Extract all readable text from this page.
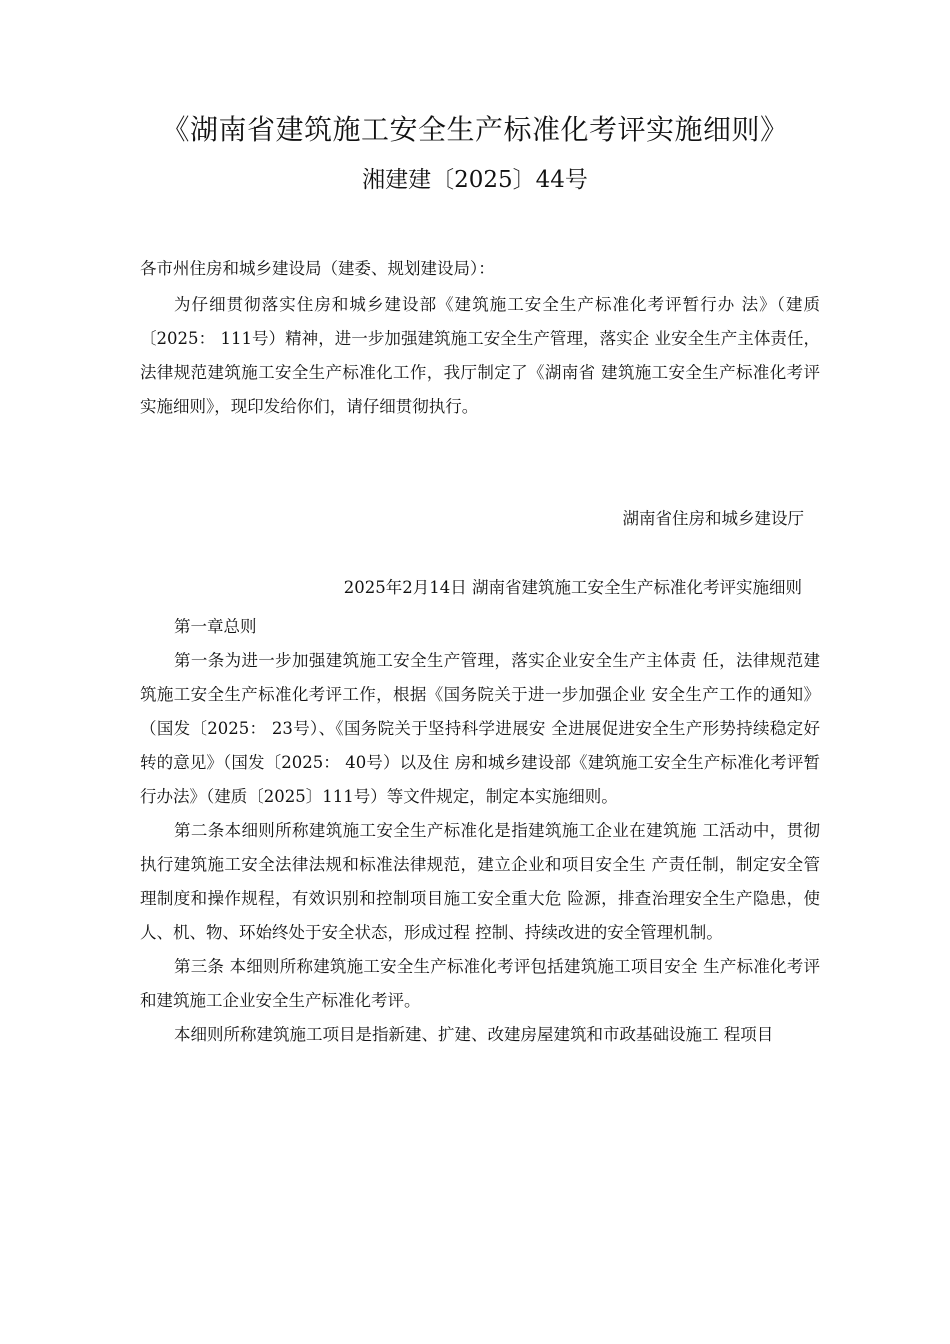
《湖南省建筑施工安全生产标准化考评实施细则》

湘建建〔2025〕44号

各市州住房和城乡建设局（建委、规划建设局）：

为仔细贯彻落实住房和城乡建设部《建筑施工安全生产标准化考评暂行办 法》（建质〔2025： 111号）精神，进一步加强建筑施工安全生产管理，落实企 业安全生产主体责任，法律规范建筑施工安全生产标准化工作，我厅制定了《湖南省 建筑施工安全生产标准化考评实施细则》，现印发给你们，请仔细贯彻执行。

湖南省住房和城乡建设厅

2025年2月14日 湖南省建筑施工安全生产标准化考评实施细则

第一章总则

第一条为进一步加强建筑施工安全生产管理，落实企业安全生产主体责 任，法律规范建筑施工安全生产标准化考评工作，根据《国务院关于进一步加强企业 安全生产工作的通知》（国发〔2025： 23号）、《国务院关于坚持科学进展安 全进展促进安全生产形势持续稳定好转的意见》（国发〔2025： 40号）以及住 房和城乡建设部《建筑施工安全生产标准化考评暂行办法》（建质〔2025〕111号）等文件规定，制定本实施细则。

第二条本细则所称建筑施工安全生产标准化是指建筑施工企业在建筑施 工活动中，贯彻执行建筑施工安全法律法规和标准法律规范，建立企业和项目安全生 产责任制，制定安全管理制度和操作规程，有效识别和控制项目施工安全重大危 险源，排查治理安全生产隐患，使人、机、物、环始终处于安全状态，形成过程 控制、持续改进的安全管理机制。

第三条 本细则所称建筑施工安全生产标准化考评包括建筑施工项目安全 生产标准化考评和建筑施工企业安全生产标准化考评。

本细则所称建筑施工项目是指新建、扩建、改建房屋建筑和市政基础设施工 程项目
